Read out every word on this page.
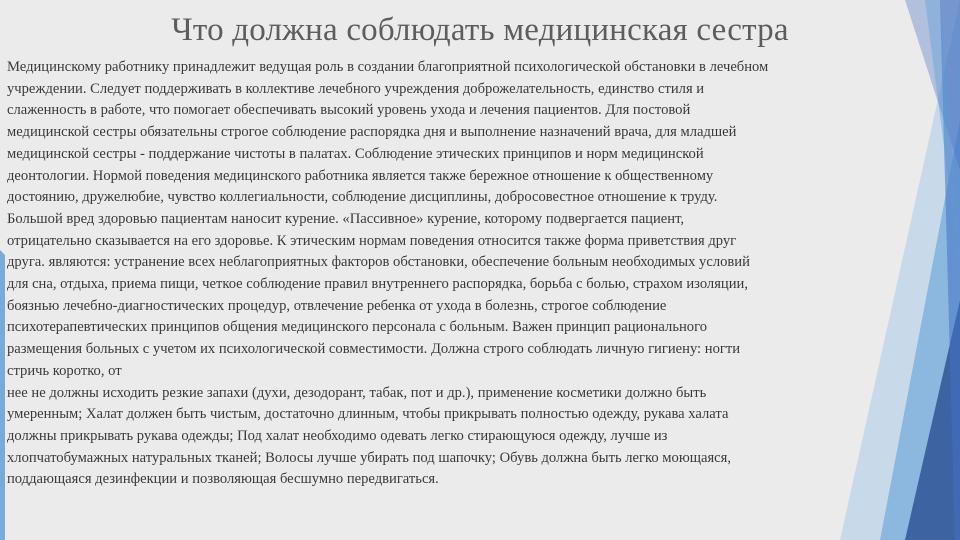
Что должна соблюдать медицинская сестра
Медицинскому работнику принадлежит ведущая роль в создании благоприятной психологической обстановки в лечебном
учреждении. Следует поддерживать в коллективе лечебного учреждения доброжелательность, единство стиля и
слаженность в работе, что помогает обеспечивать высокий уровень ухода и лечения пациентов. Для постовой
медицинской сестры обязательны строгое соблюдение распорядка дня и выполнение назначений врача, для младшей
медицинской сестры - поддержание чистоты в палатах. Соблюдение этических принципов и норм медицинской
деонтологии. Нормой поведения медицинского работника является также бережное отношение к общественному
достоянию, дружелюбие, чувство коллегиальности, соблюдение дисциплины, добросовестное отношение к труду.
Большой вред здоровью пациентам наносит курение. «Пассивное» курение, которому подвергается пациент,
отрицательно сказывается на его здоровье. К этическим нормам поведения относится также форма приветствия друг
друга. являются: устранение всех неблагоприятных факторов обстановки, обеспечение больным необходимых условий
для сна, отдыха, приема пищи, четкое соблюдение правил внутреннего распорядка, борьба с болью, страхом изоляции,
боязнью лечебно-диагностических процедур, отвлечение ребенка от ухода в болезнь, строгое соблюдение
психотерапевтических принципов общения медицинского персонала с больным. Важен принцип рационального
размещения больных с учетом их психологической совместимости. Должна строго соблюдать личную гигиену: ногти
стричь коротко, от
нее не должны исходить резкие запахи (духи, дезодорант, табак, пот и др.), применение косметики должно быть
умеренным; Халат должен быть чистым, достаточно длинным, чтобы прикрывать полностью одежду, рукава халата
должны прикрывать рукава одежды; Под халат необходимо одевать легко стирающуюся одежду, лучше из
хлопчатобумажных натуральных тканей; Волосы лучше убирать под шапочку; Обувь должна быть легко моющаяся,
поддающаяся дезинфекции и позволяющая бесшумно передвигаться.
